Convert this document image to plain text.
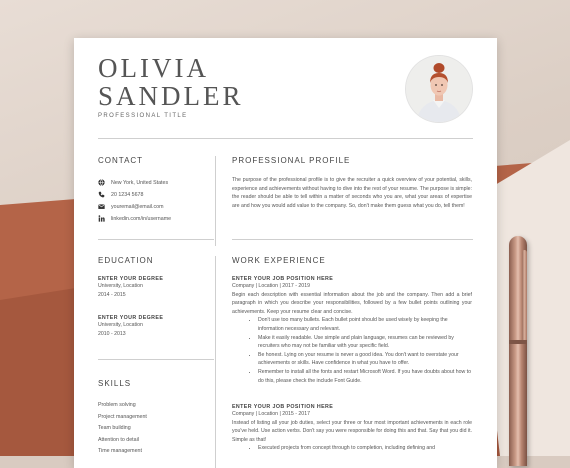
OLIVIA
SANDLER
PROFESSIONAL TITLE
CONTACT
New York, United States
20 1234 5678
youremail@email.com
linkedin.com/in/username
PROFESSIONAL PROFILE
The purpose of the professional profile is to give the recruiter a quick overview of your potential, skills, experience and achievements without having to dive into the rest of your resume. The purpose is simple: the reader should be able to tell within a matter of seconds who you are, what your areas of expertise are and how you would add value to the company. So, don't make them guess what you do, tell them!
EDUCATION
ENTER YOUR DEGREE
University, Location
2014 - 2015
ENTER YOUR DEGREE
University, Location
2010 - 2013
SKILLS
Problem solving
Project management
Team building
Attention to detail
Time management
WORK EXPERIENCE
ENTER YOUR JOB POSITION HERE
Company | Location | 2017 - 2019
Begin each description with essential information about the job and the company. Then add a brief paragraph in which you describe your responsibilities, followed by a few bullet points outlining your achievements. Keep your resume clear and concise.
• Don't use too many bullets. Each bullet point should be used wisely by keeping the information necessary and relevant.
• Make it easily readable. Use simple and plain language, resumes can be reviewed by recruiters who may not be familiar with your specific field.
• Be honest. Lying on your resume is never a good idea. You don't want to overstate your achievements or skills. Have confidence in what you have to offer.
• Remember to install all the fonts and restart Microsoft Word. If you have doubts about how to do this, please check the include Font Guide.
ENTER YOUR JOB POSITION HERE
Company | Location | 2015 - 2017
Instead of listing all your job duties, select your three or four most important achievements in each role you've held. Use action verbs. Don't say you were responsible for doing this and that. Say that you did it. Simple as that!
• Executed projects from concept through to completion, including defining and
